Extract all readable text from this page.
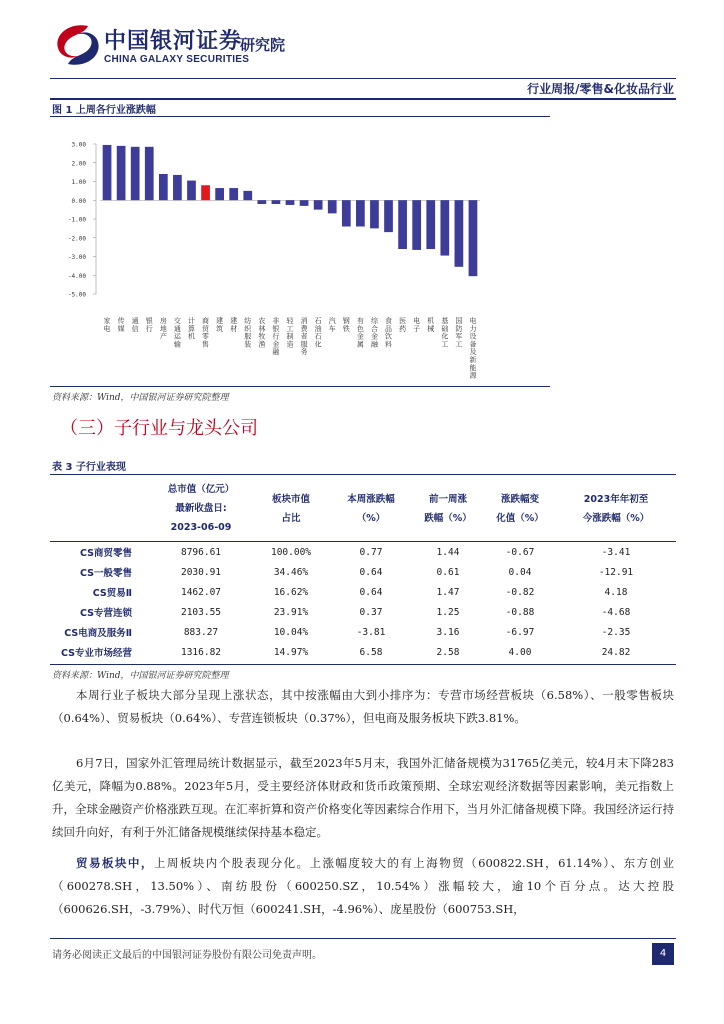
中国银河证券
CHINA GALAXY SECURITIES
研究院
行业周报/零售&化妆品行业
图 1 上周各行业涨跌幅
3.00
2.00
1.00
0.00
-1.00
-2.00
-3.00
-4.00
-5.00
家电
传媒
通信
银行
房地产
交通运输
计算机
商贸零售
建筑
建材
纺织服装
农林牧渔
非银行金融
轻工制造
消费者服务
石油石化
汽车
钢铁
有色金属
综合金融
食品饮料
医药
电子
机械
基础化工
国防军工
电力设备及新能源
资料来源：Wind，中国银河证券研究院整理
（三）子行业与龙头公司
表 3 子行业表现
	总市值（亿元）
最新收盘日:
2023-06-09	板块市值
占比	本周涨跌幅
（%）	前一周涨
跌幅（%）	涨跌幅变
化值（%）	2023年年初至
今涨跌幅（%）
CS商贸零售	8796.61	100.00%	0.77	1.44	-0.67	-3.41
CS一般零售	2030.91	34.46%	0.64	0.61	0.04	-12.91
CS贸易Ⅱ	1462.07	16.62%	0.64	1.47	-0.82	4.18
CS专营连锁	2103.55	23.91%	0.37	1.25	-0.88	-4.68
CS电商及服务Ⅱ	883.27	10.04%	-3.81	3.16	-6.97	-2.35
CS专业市场经营	1316.82	14.97%	6.58	2.58	4.00	24.82
资料来源：Wind，中国银河证券研究院整理
本周行业子板块大部分呈现上涨状态，其中按涨幅由大到小排序为：专营市场经营板块（6.58%）、一般零售板块（0.64%）、贸易板块（0.64%）、专营连锁板块（0.37%），但电商及服务板块下跌3.81%。
6月7日，国家外汇管理局统计数据显示，截至2023年5月末，我国外汇储备规模为31765亿美元，较4月末下降283亿美元，降幅为0.88%。2023年5月，受主要经济体财政和货币政策预期、全球宏观经济数据等因素影响，美元指数上升，全球金融资产价格涨跌互现。在汇率折算和资产价格变化等因素综合作用下，当月外汇储备规模下降。我国经济运行持续回升向好，有利于外汇储备规模继续保持基本稳定。
贸易板块中，上周板块内个股表现分化。上涨幅度较大的有上海物贸（600822.SH，61.14%）、东方创业（600278.SH，13.50%）、南纺股份（600250.SZ，10.54%）涨幅较大，逾10个百分点。达大控股（600626.SH，-3.79%）、时代万恒（600241.SH，-4.96%）、庞星股份（600753.SH，
请务必阅读正文最后的中国银河证券股份有限公司免责声明。	4
